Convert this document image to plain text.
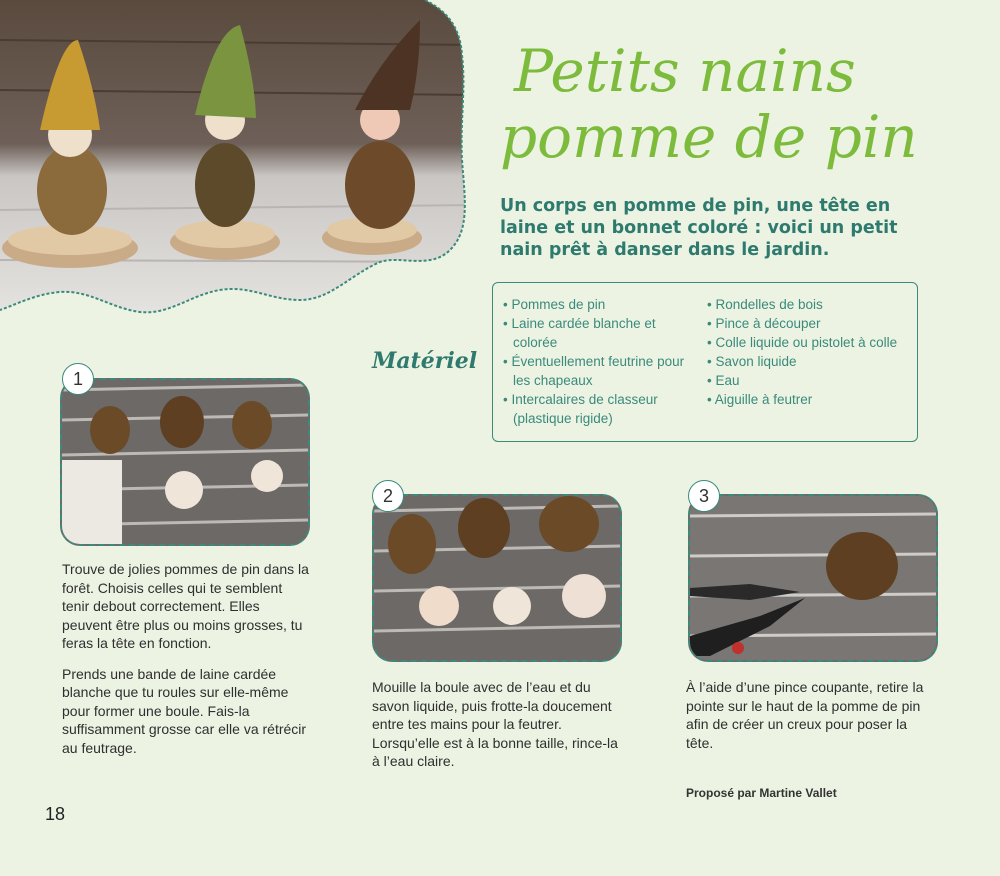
Petits nains
pomme de pin
Un corps en pomme de pin, une tête en laine et un bonnet coloré : voici un petit nain prêt à danser dans le jardin.
Matériel
• Pommes de pin
• Laine cardée blanche et colorée
• Éventuellement feutrine pour les chapeaux
• Intercalaires de classeur (plastique rigide)
• Rondelles de bois
• Pince à découper
• Colle liquide ou pistolet à colle
• Savon liquide
• Eau
• Aiguille à feutrer
1

Trouve de jolies pommes de pin dans la forêt. Choisis celles qui te semblent tenir debout correctement. Elles peuvent être plus ou moins grosses, tu feras la tête en fonction.

Prends une bande de laine cardée blanche que tu roules sur elle-même pour former une boule. Fais-la suffisamment grosse car elle va rétrécir au feutrage.

2

Mouille la boule avec de l’eau et du savon liquide, puis frotte-la doucement entre tes mains pour la feutrer. Lorsqu’elle est à la bonne taille, rince-la à l’eau claire.

3

À l’aide d’une pince coupante, retire la pointe sur le haut de la pomme de pin afin de créer un creux pour poser la tête.

Proposé par Martine Vallet
18
